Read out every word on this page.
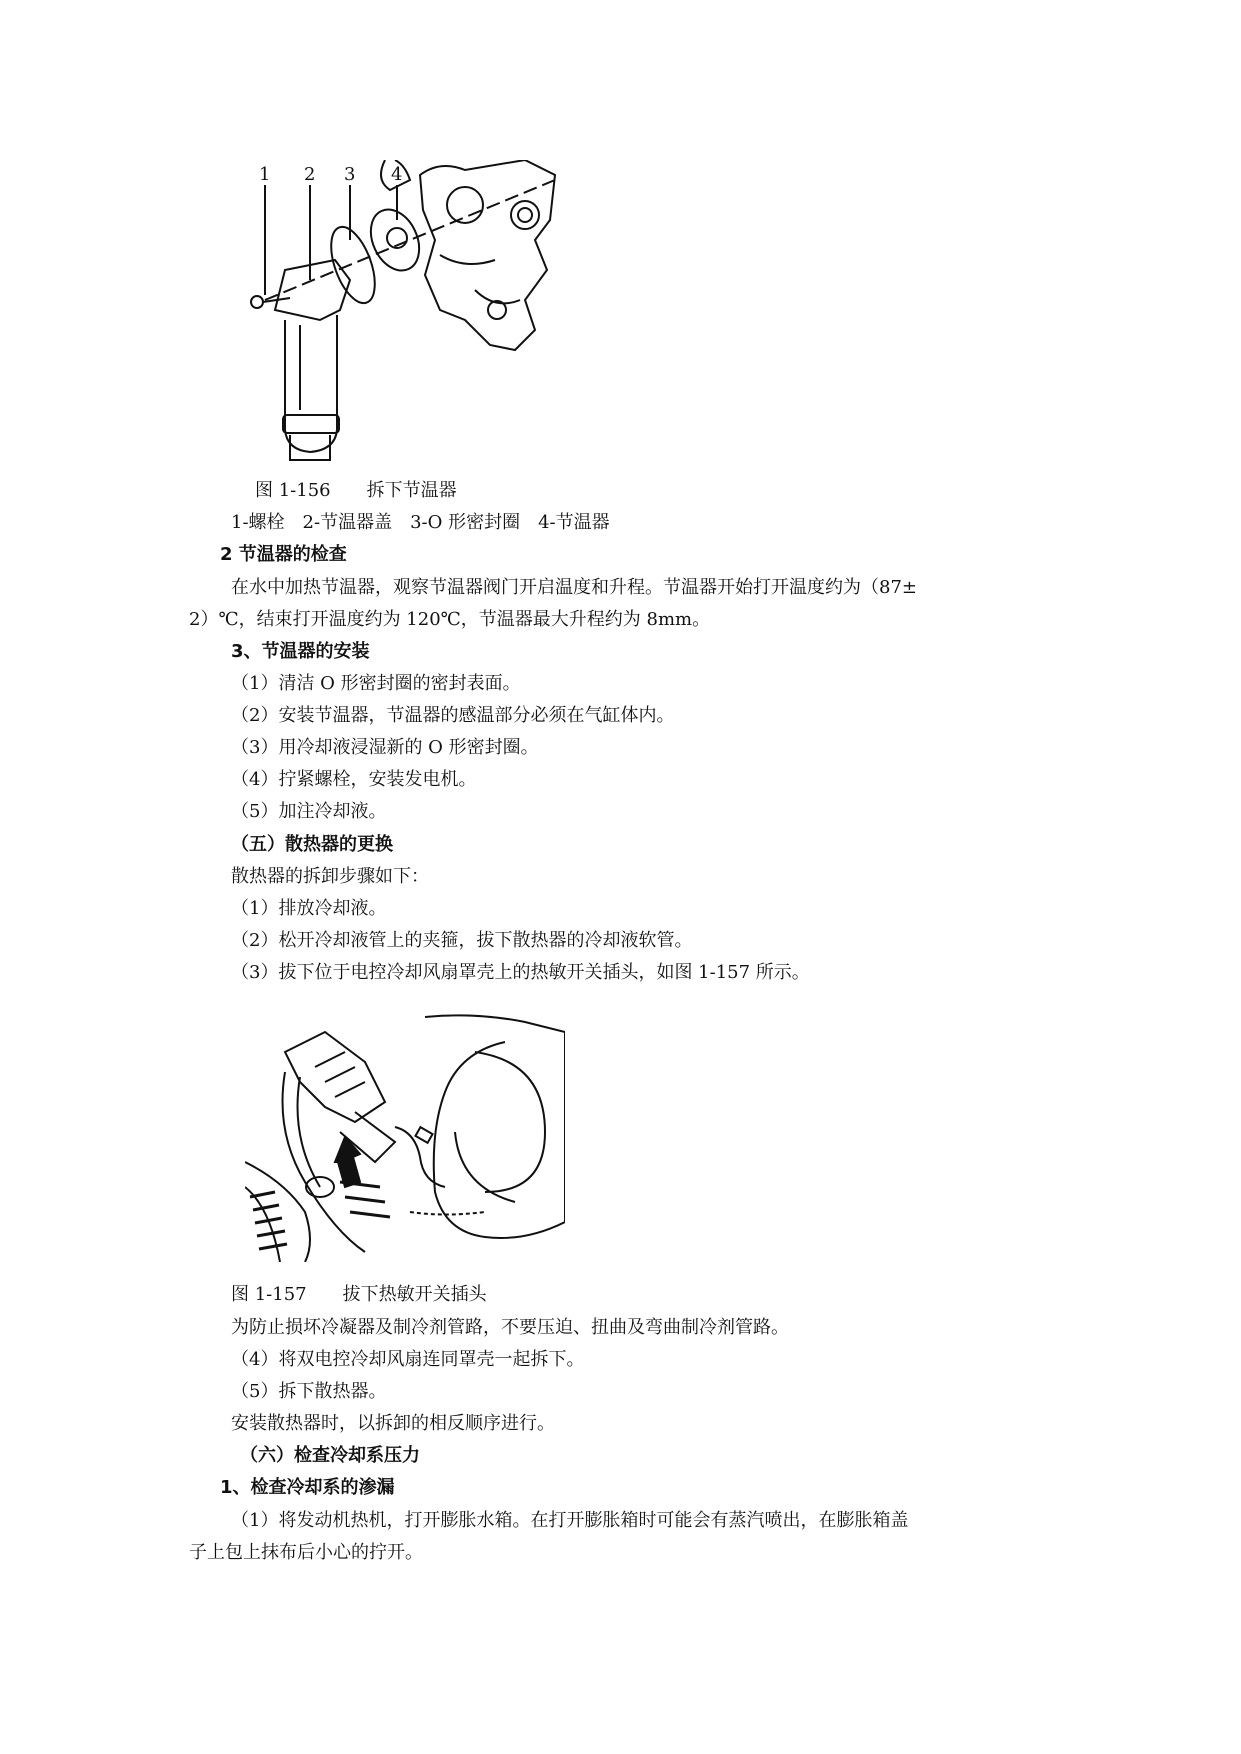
1 2 3 4
图 1-156　　拆下节温器
1-螺栓　2-节温器盖　3-O 形密封圈　4-节温器
2 节温器的检查
在水中加热节温器，观察节温器阀门开启温度和升程。节温器开始打开温度约为（87±
2）℃，结束打开温度约为 120℃，节温器最大升程约为 8mm。
3、节温器的安装
（1）清洁 O 形密封圈的密封表面。
（2）安装节温器，节温器的感温部分必须在气缸体内。
（3）用冷却液浸湿新的 O 形密封圈。
（4）拧紧螺栓，安装发电机。
（5）加注冷却液。
（五）散热器的更换
散热器的拆卸步骤如下：
（1）排放冷却液。
（2）松开冷却液管上的夹箍，拔下散热器的冷却液软管。
（3）拔下位于电控冷却风扇罩壳上的热敏开关插头，如图 1-157 所示。
图 1-157　　拔下热敏开关插头
为防止损坏冷凝器及制冷剂管路，不要压迫、扭曲及弯曲制冷剂管路。
（4）将双电控冷却风扇连同罩壳一起拆下。
（5）拆下散热器。
安装散热器时，以拆卸的相反顺序进行。
（六）检查冷却系压力
1、检查冷却系的渗漏
（1）将发动机热机，打开膨胀水箱。在打开膨胀箱时可能会有蒸汽喷出，在膨胀箱盖
子上包上抹布后小心的拧开。
